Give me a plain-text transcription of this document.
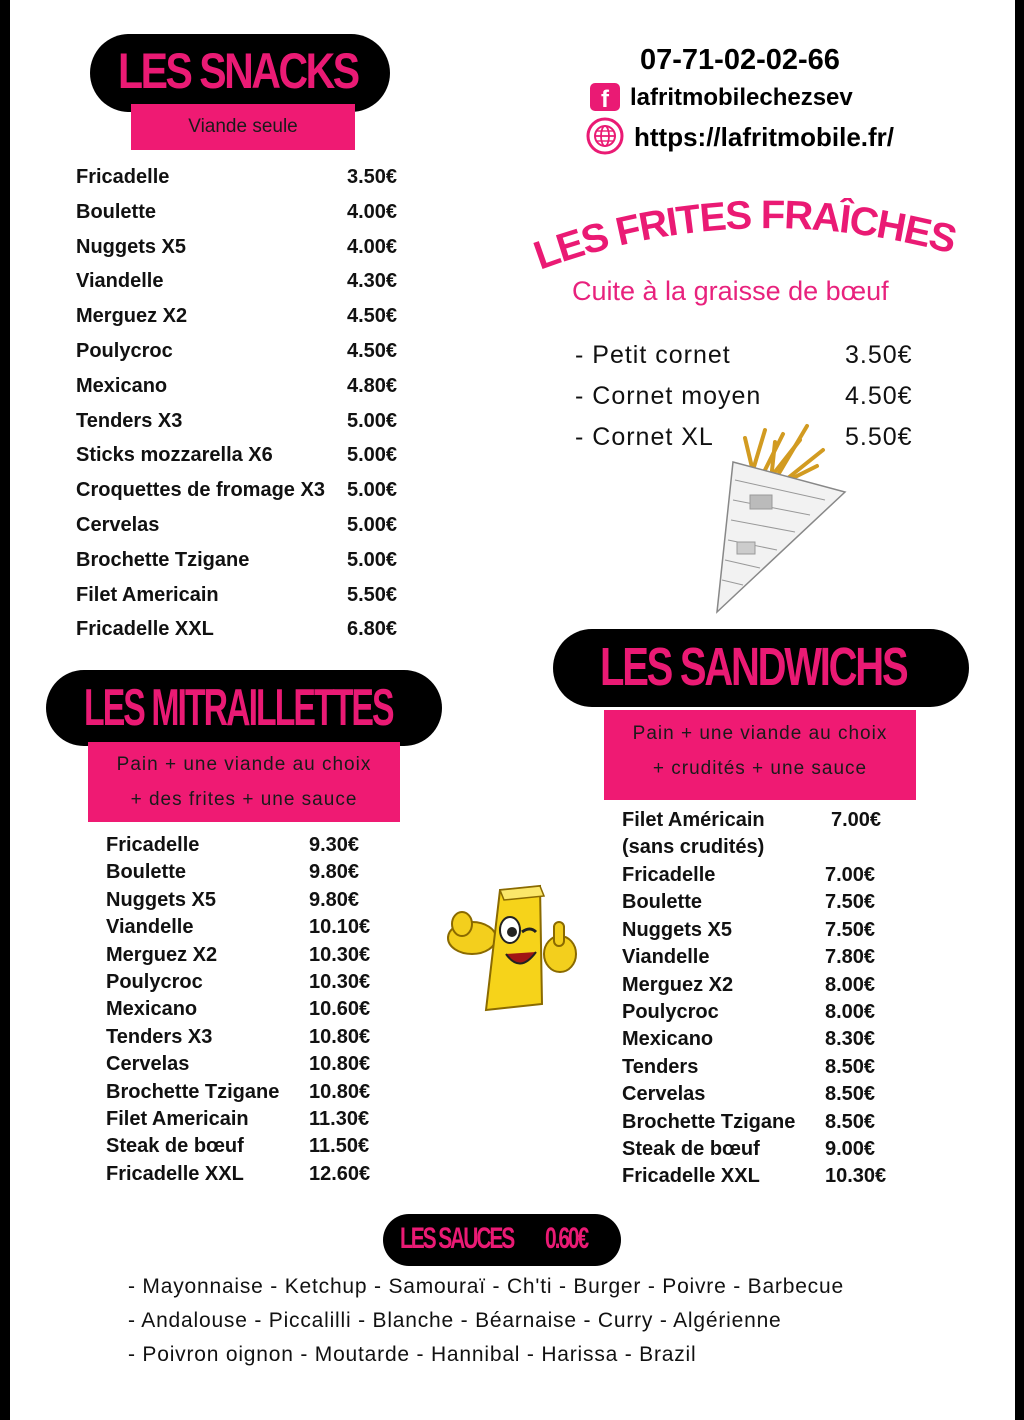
LES SNACKS
Viande seule
Fricadelle	3.50€
Boulette	4.00€
Nuggets X5	4.00€
Viandelle	4.30€
Merguez X2	4.50€
Poulycroc	4.50€
Mexicano	4.80€
Tenders X3	5.00€
Sticks mozzarella X6	5.00€
Croquettes de fromage X3 5.00€
Cervelas	5.00€
Brochette Tzigane	5.00€
Filet Americain	5.50€
Fricadelle XXL	6.80€
07-71-02-02-66
f lafritmobilechezsev
https://lafritmobile.fr/
LES FRITES FRAÎCHES
Cuite à la graisse de bœuf
- Petit cornet	3.50€
- Cornet moyen	4.50€
- Cornet XL	5.50€
LES MITRAILLETTES
Pain + une viande au choix
+ des frites + une sauce
Fricadelle	9.30€
Boulette	9.80€
Nuggets X5	9.80€
Viandelle	10.10€
Merguez X2	10.30€
Poulycroc	10.30€
Mexicano	10.60€
Tenders X3	10.80€
Cervelas	10.80€
Brochette Tzigane 10.80€
Filet Americain	11.30€
Steak de bœuf	11.50€
Fricadelle XXL	12.60€
LES SANDWICHS
Pain + une viande au choix
+ crudités + une sauce
Filet Américain
(sans crudités)
7.00€
Fricadelle	7.00€
Boulette	7.50€
Nuggets X5	7.50€
Viandelle	7.80€
Merguez X2	8.00€
Poulycroc	8.00€
Mexicano	8.30€
Tenders	8.50€
Cervelas	8.50€
Brochette Tzigane 8.50€
Steak de bœuf	9.00€
Fricadelle XXL	10.30€
LES SAUCES 0.60€
- Mayonnaise - Ketchup - Samouraï - Ch'ti - Burger - Poivre - Barbecue
- Andalouse - Piccalilli - Blanche - Béarnaise - Curry - Algérienne
- Poivron oignon - Moutarde - Hannibal - Harissa - Brazil
